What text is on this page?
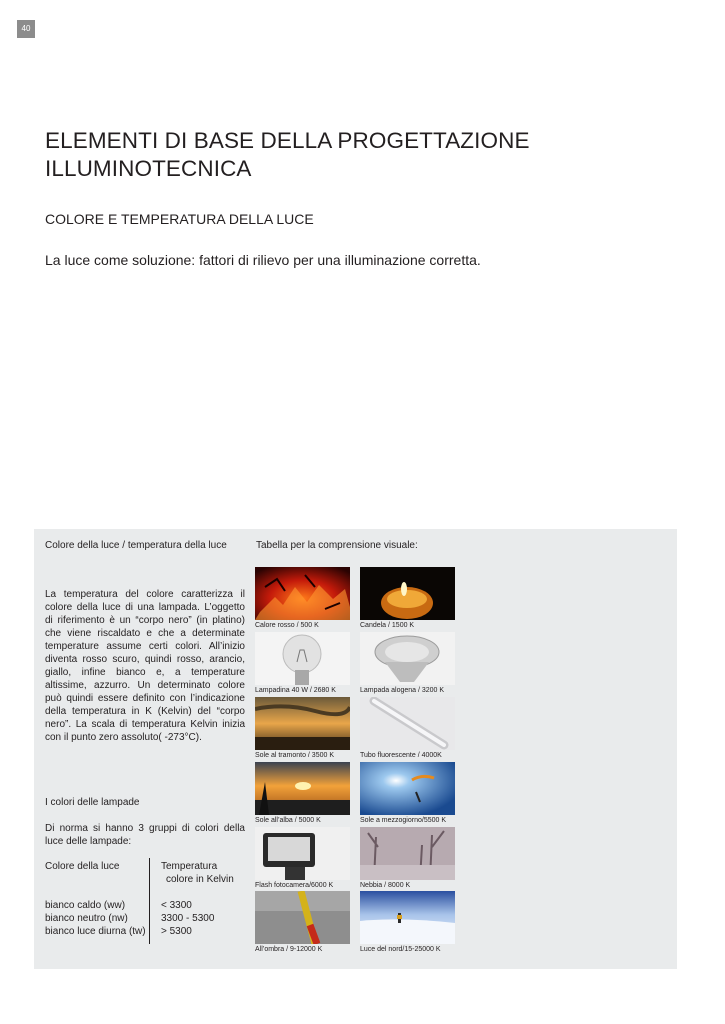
40
ELEMENTI DI BASE DELLA PROGETTAZIONE ILLUMINOTECNICA
COLORE E TEMPERATURA DELLA LUCE

La luce come soluzione: fattori di rilievo per una illuminazione corretta.

Colore della luce / temperatura della luce

La temperatura del colore caratterizza il colore della luce di una lampada. L’oggetto di riferimento è un “corpo nero” (in platino) che viene riscaldato e che a determinate temperature assume certi colori. All’inizio diventa rosso scuro, quindi rosso, arancio, giallo, infine bianco e, a temperature altissime, azzurro. Un determinato colore può quindi essere definito con l’indicazione della temperatura in K (Kelvin) del “corpo nero”. La scala di temperatura Kelvin inizia con il punto zero assoluto( -273°C).

I colori delle lampade

Di norma si hanno 3 gruppi di colori della luce delle lampade:

Colore della luce	Temperatura
colore in Kelvin
bianco caldo (ww)	< 3300
bianco neutro (nw)	3300 - 5300
bianco luce diurna (tw) > 5300
Tabella per la comprensione visuale:
Calore rosso / 500 K	Candela / 1500 K
Lampadina 40 W / 2680 K	Lampada alogena / 3200 K
Sole al tramonto / 3500 K	Tubo fluorescente / 4000K
Sole all’alba / 5000 K	Sole a mezzogiorno/5500 K
Flash fotocamera/6000 K	Nebbia / 8000 K
All’ombra / 9-12000 K	Luce del nord/15-25000 K
